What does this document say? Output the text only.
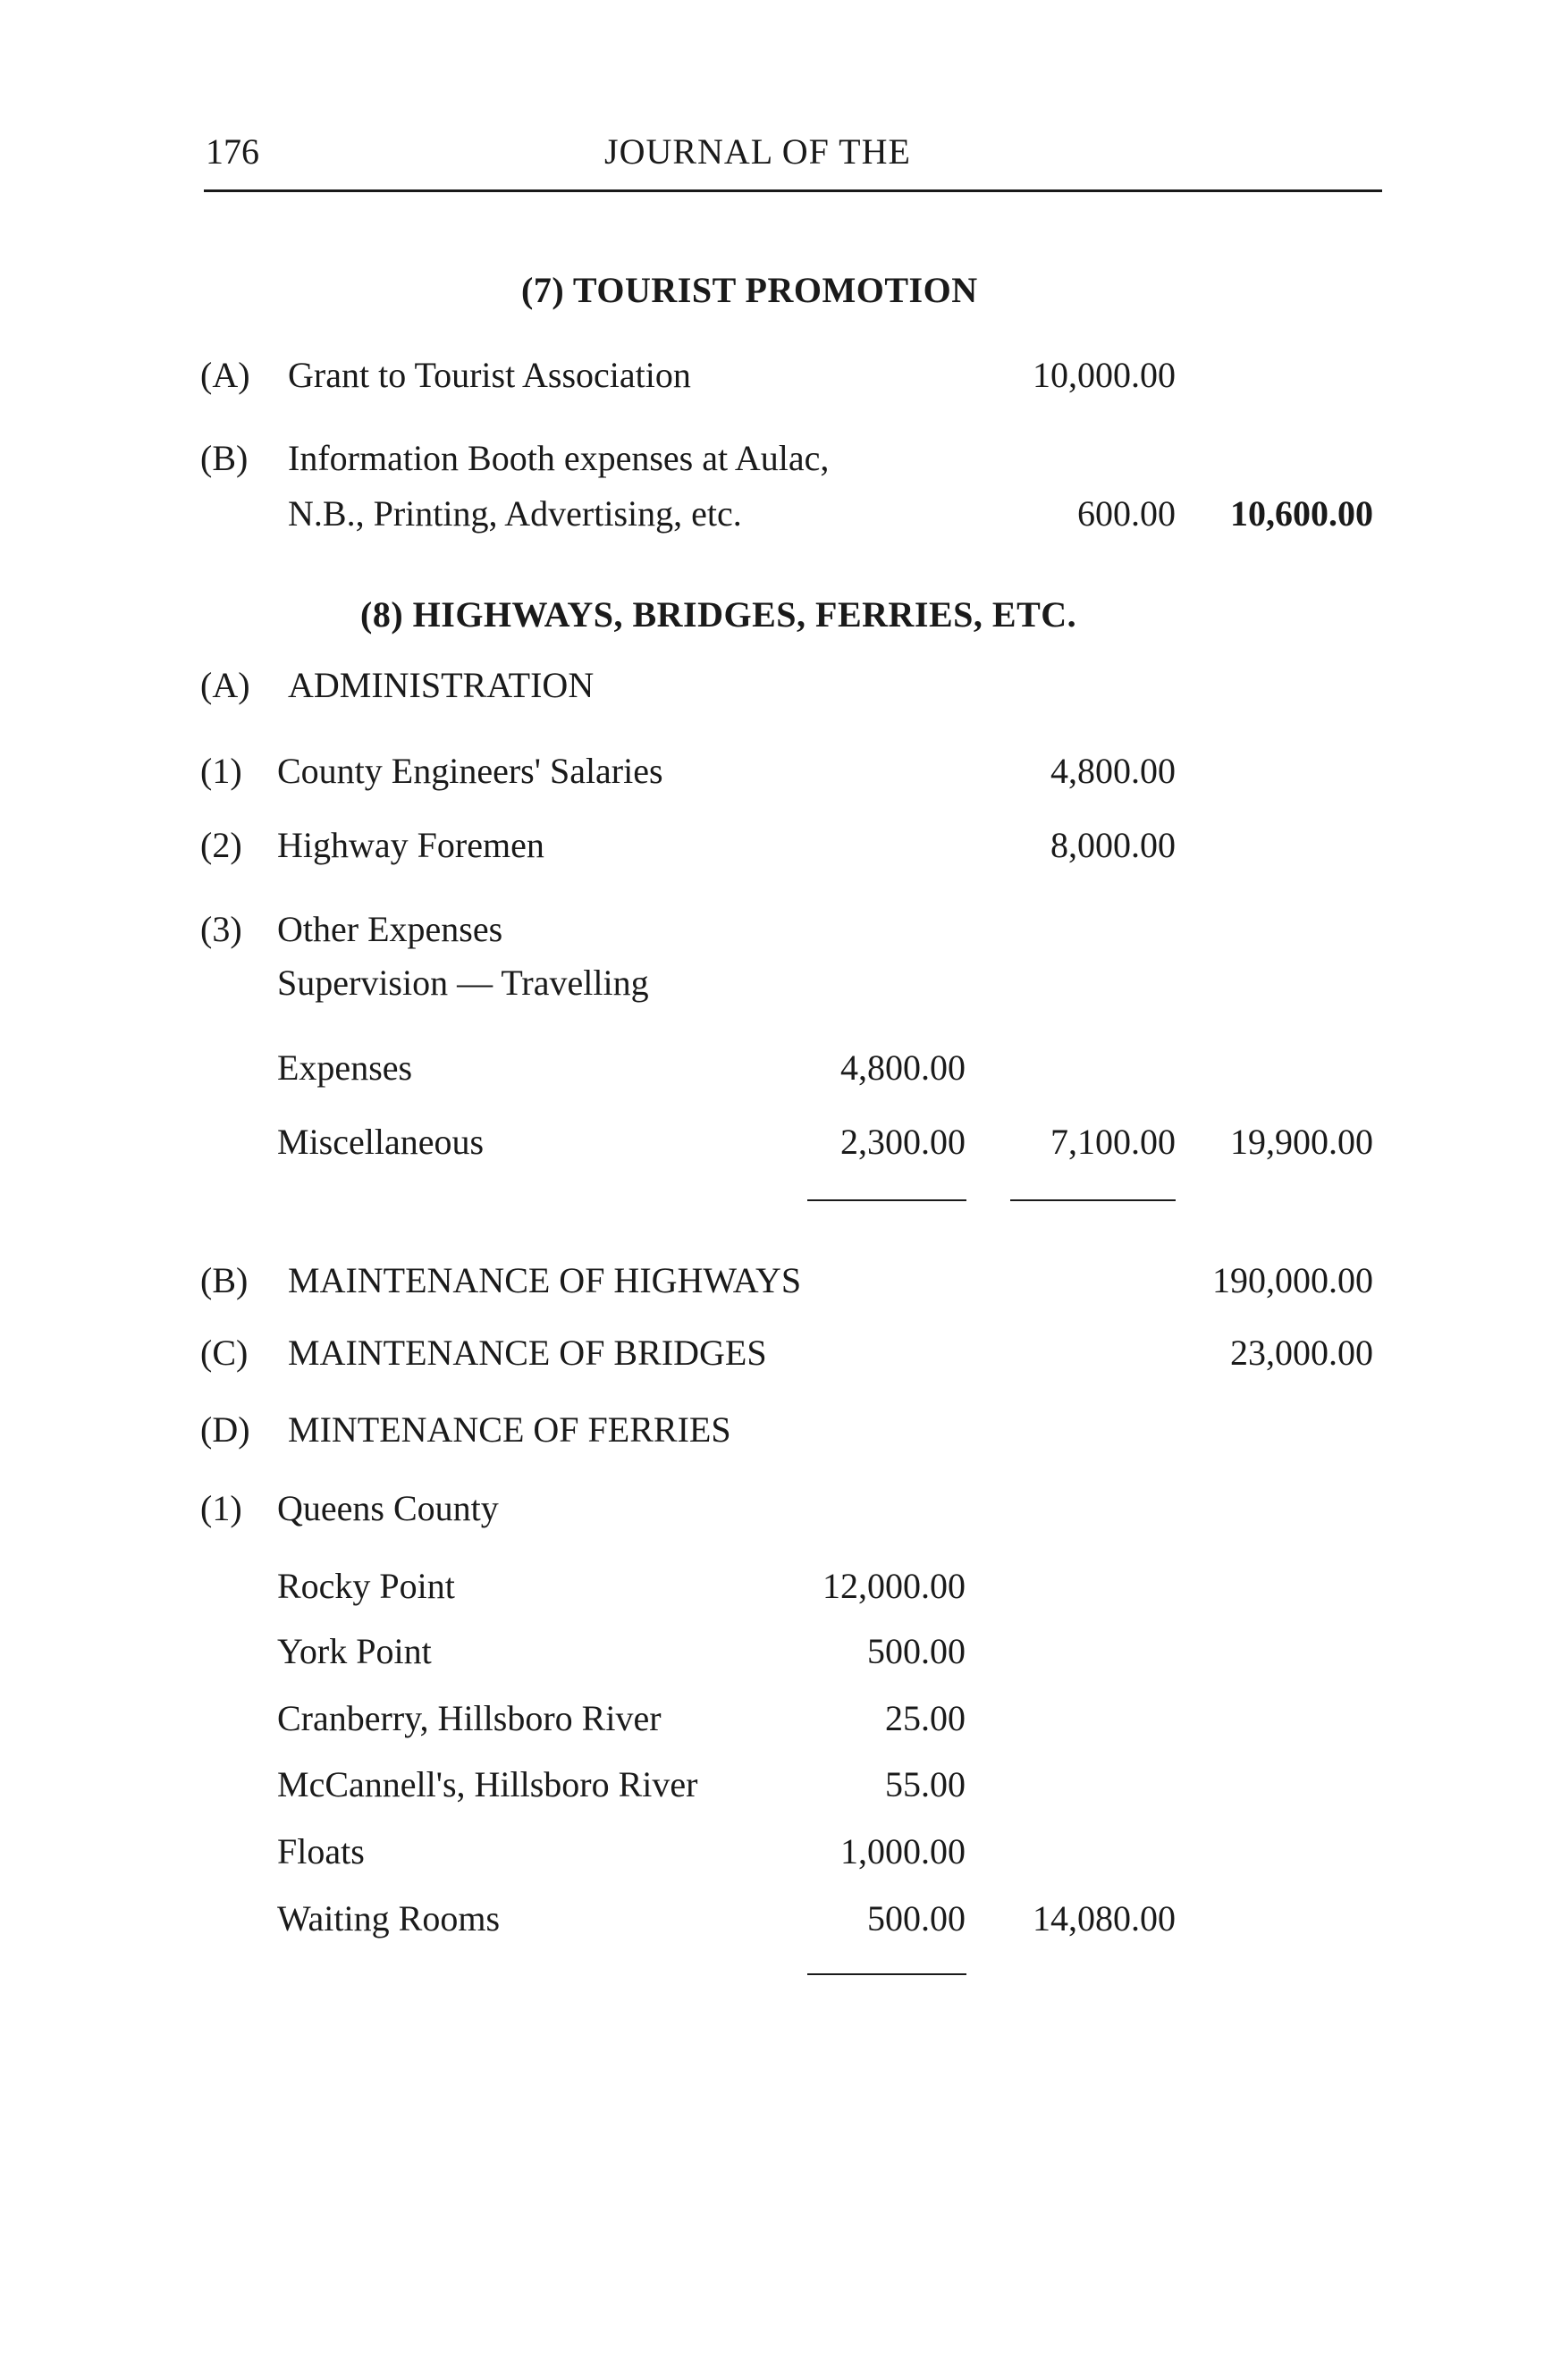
176	JOURNAL OF THE
(7) TOURIST PROMOTION
(A) Grant to Tourist Association	10,000.00
(B) Information Booth expenses at Aulac,
N.B., Printing, Advertising, etc.	600.00 10,600.00
(8) HIGHWAYS, BRIDGES, FERRIES, ETC.
(A) ADMINISTRATION
(1) County Engineers' Salaries	4,800.00
(2) Highway Foremen	8,000.00
(3) Other Expenses
Supervision — Travelling
Expenses	4,800.00
Miscellaneous	2,300.00 7,100.00 19,900.00
(B) MAINTENANCE OF HIGHWAYS	190,000.00
(C) MAINTENANCE OF BRIDGES	23,000.00
(D) MINTENANCE OF FERRIES
(1) Queens County
Rocky Point	12,000.00
York Point	500.00
Cranberry, Hillsboro River	25.00
McCannell's, Hillsboro River	55.00
Floats	1,000.00
Waiting Rooms	500.00 14,080.00
